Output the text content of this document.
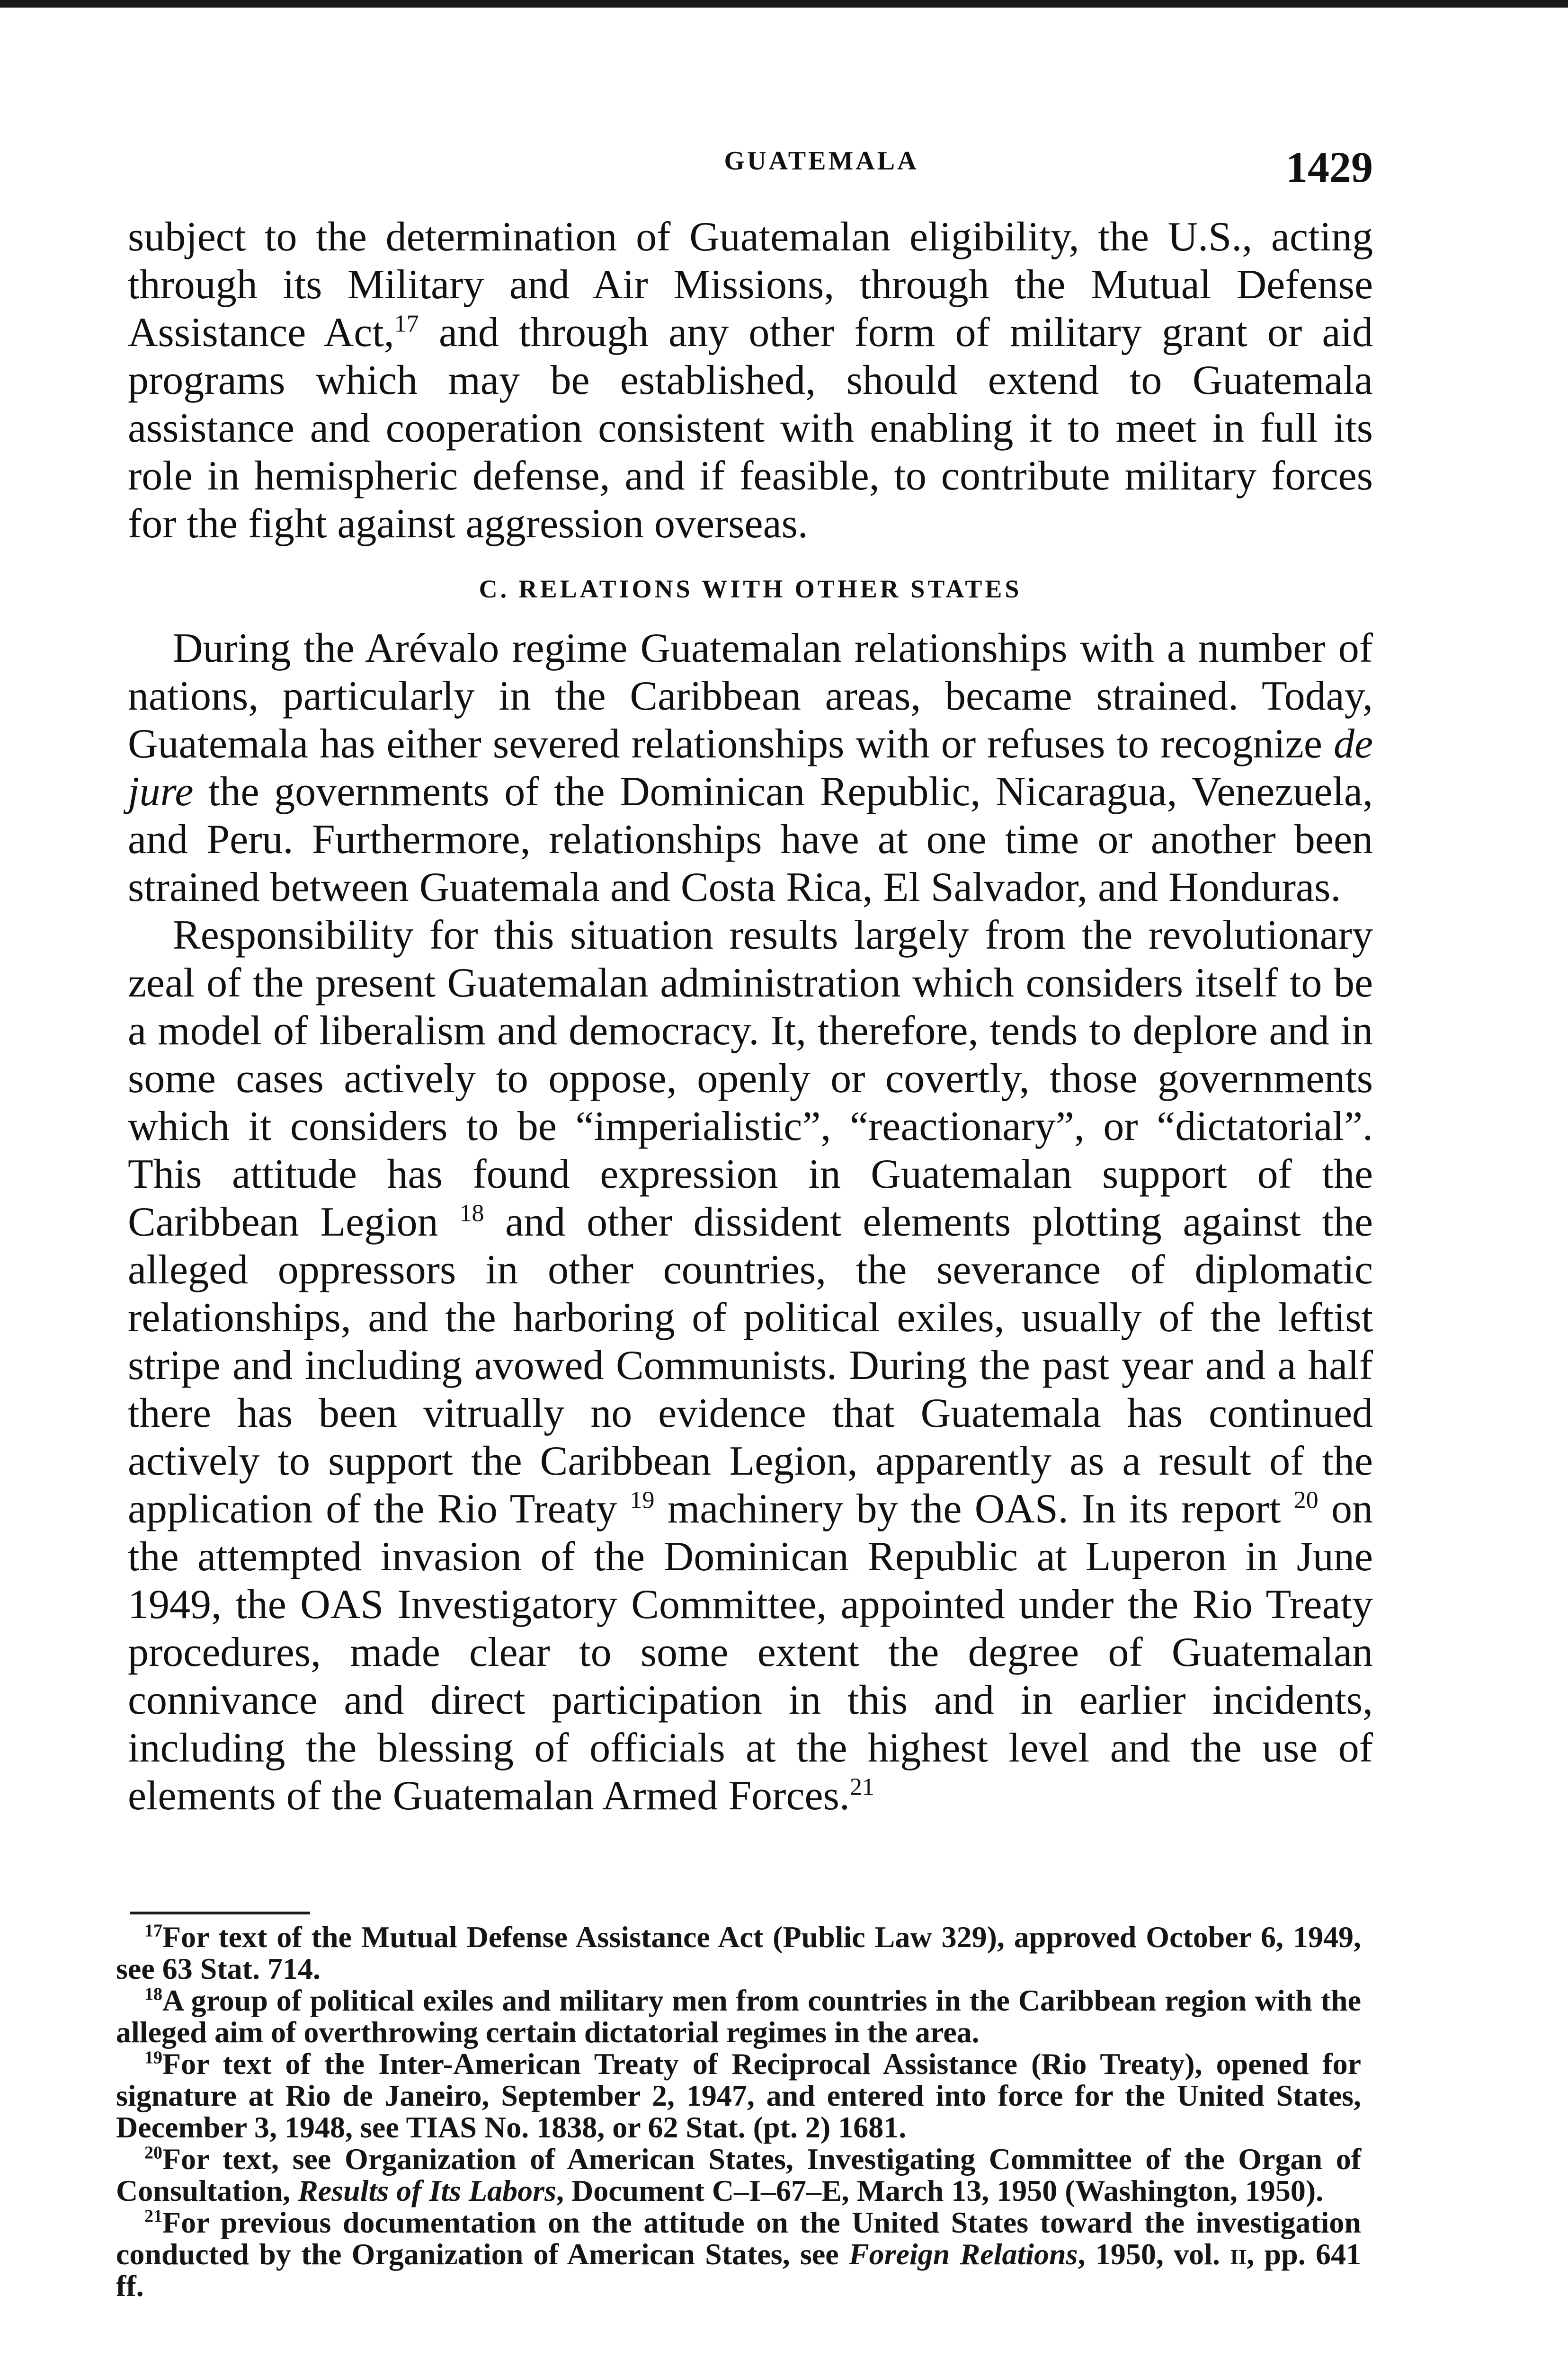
GUATEMALA	1429

subject to the determination of Guatemalan eligibility, the U.S., acting through its Military and Air Missions, through the Mutual Defense Assistance Act,$^{17}$ and through any other form of military grant or aid programs which may be established, should extend to Guatemala assistance and cooperation consistent with enabling it to meet in full its role in hemispheric defense, and if feasible, to contribute military forces for the fight against aggression overseas.

C. RELATIONS WITH OTHER STATES

During the Arévalo regime Guatemalan relationships with a number of nations, particularly in the Caribbean areas, became strained. Today, Guatemala has either severed relationships with or refuses to recognize de jure the governments of the Dominican Republic, Nicaragua, Venezuela, and Peru. Furthermore, relationships have at one time or another been strained between Guatemala and Costa Rica, El Salvador, and Honduras.

Responsibility for this situation results largely from the revolutionary zeal of the present Guatemalan administration which considers itself to be a model of liberalism and democracy. It, therefore, tends to deplore and in some cases actively to oppose, openly or covertly, those governments which it considers to be “imperialistic”, “reactionary”, or “dictatorial”. This attitude has found expression in Guatemalan support of the Caribbean Legion $^{18}$ and other dissident elements plotting against the alleged oppressors in other countries, the severance of diplomatic relationships, and the harboring of political exiles, usually of the leftist stripe and including avowed Communists. During the past year and a half there has been vitrually no evidence that Guatemala has continued actively to support the Caribbean Legion, apparently as a result of the application of the Rio Treaty $^{19}$ machinery by the OAS. In its report $^{20}$ on the attempted invasion of the Dominican Republic at Luperon in June 1949, the OAS Investigatory Committee, appointed under the Rio Treaty procedures, made clear to some extent the degree of Guatemalan connivance and direct participation in this and in earlier incidents, including the blessing of officials at the highest level and the use of elements of the Guatemalan Armed Forces.$^{21}$

$^{17}$For text of the Mutual Defense Assistance Act (Public Law 329), approved October 6, 1949, see 63 Stat. 714.

$^{18}$A group of political exiles and military men from countries in the Caribbean region with the alleged aim of overthrowing certain dictatorial regimes in the area.

$^{19}$For text of the Inter-American Treaty of Reciprocal Assistance (Rio Treaty), opened for signature at Rio de Janeiro, September 2, 1947, and entered into force for the United States, December 3, 1948, see TIAS No. 1838, or 62 Stat. (pt. 2) 1681.

$^{20}$For text, see Organization of American States, Investigating Committee of the Organ of Consultation, Results of Its Labors, Document C–I–67–E, March 13, 1950 (Washington, 1950).

$^{21}$For previous documentation on the attitude on the United States toward the investigation conducted by the Organization of American States, see Foreign Relations, 1950, vol. ii, pp. 641 ff.
